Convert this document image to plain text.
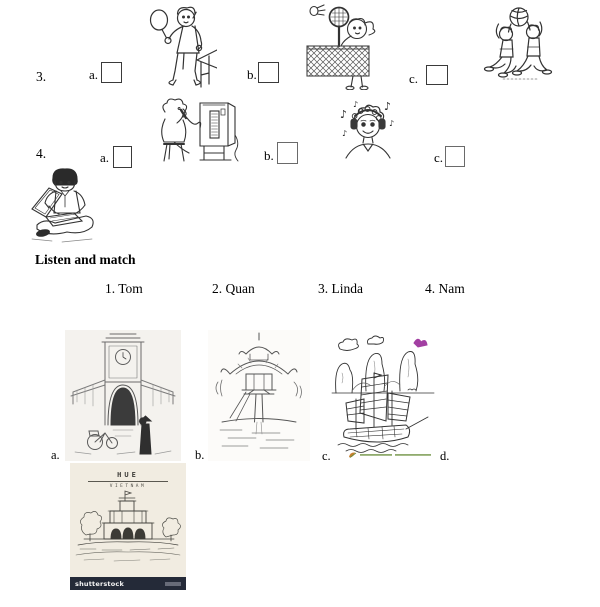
3.	a.	b.	c.
4.	a.	b.
♪
♪ ♪
♪
♪
c.
Listen and match
1. Tom	2. Quan	3. Linda	4. Nam
a.	b.	c.	d.
HUE
VIETNAM
shutterstock
